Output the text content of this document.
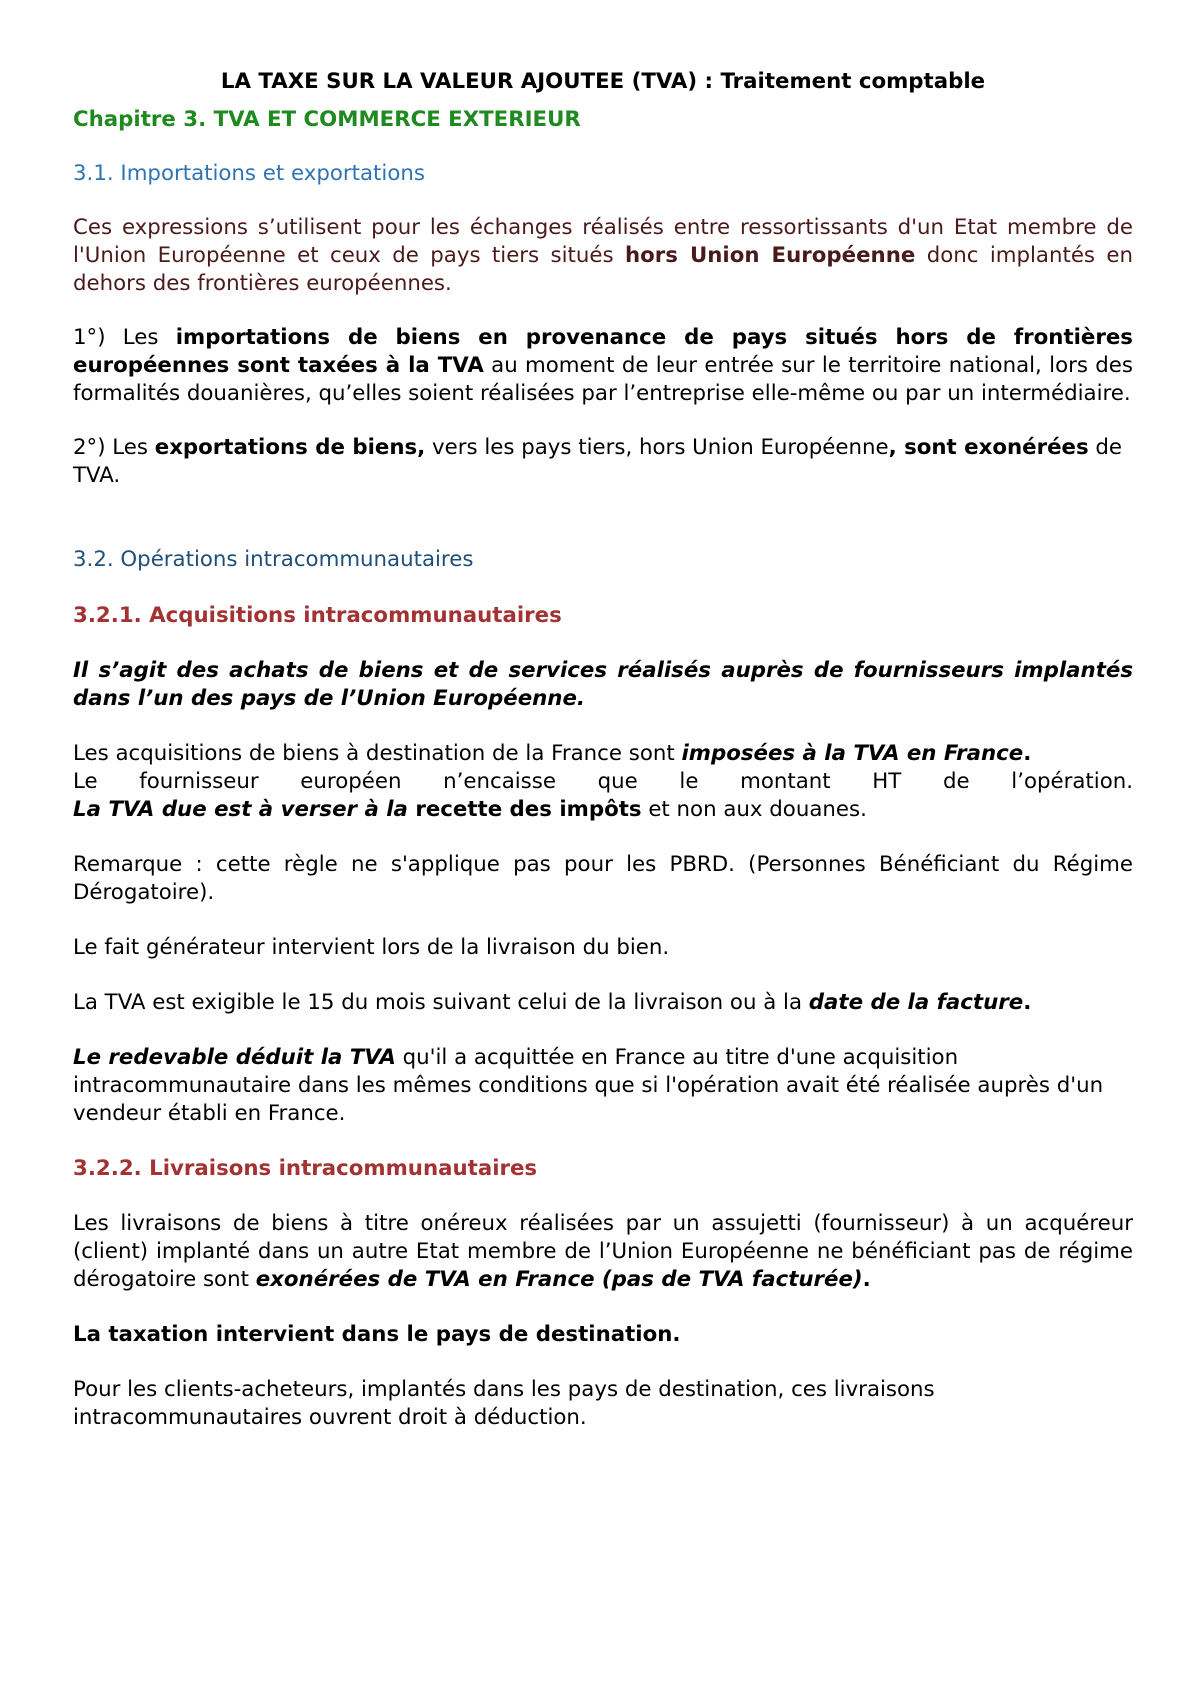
LA TAXE SUR LA VALEUR AJOUTEE (TVA) : Traitement comptable

Chapitre 3. TVA ET COMMERCE EXTERIEUR

3.1. Importations et exportations

Ces expressions s’utilisent pour les échanges réalisés entre ressortissants d'un Etat membre de l'Union Européenne et ceux de pays tiers situés hors Union Européenne donc implantés en dehors des frontières européennes.

1°) Les importations de biens en provenance de pays situés hors de frontières européennes sont taxées à la TVA au moment de leur entrée sur le territoire national, lors des formalités douanières, qu’elles soient réalisées par l’entreprise elle-même ou par un intermédiaire.

2°) Les exportations de biens, vers les pays tiers, hors Union Européenne, sont exonérées de TVA.

3.2. Opérations intracommunautaires

3.2.1. Acquisitions intracommunautaires

Il s’agit des achats de biens et de services réalisés auprès de fournisseurs implantés dans l’un des pays de l’Union Européenne.

Les acquisitions de biens à destination de la France sont imposées à la TVA en France.

Le fournisseur européen n’encaisse que le montant HT de l’opération.

La TVA due est à verser à la recette des impôts et non aux douanes.

Remarque : cette règle ne s'applique pas pour les PBRD. (Personnes Bénéficiant du Régime Dérogatoire).

Le fait générateur intervient lors de la livraison du bien.

La TVA est exigible le 15 du mois suivant celui de la livraison ou à la date de la facture.

Le redevable déduit la TVA qu'il a acquittée en France au titre d'une acquisition intracommunautaire dans les mêmes conditions que si l'opération avait été réalisée auprès d'un vendeur établi en France.

3.2.2. Livraisons intracommunautaires

Les livraisons de biens à titre onéreux réalisées par un assujetti (fournisseur) à un acquéreur (client) implanté dans un autre Etat membre de l’Union Européenne ne bénéficiant pas de régime dérogatoire sont exonérées de TVA en France (pas de TVA facturée).

La taxation intervient dans le pays de destination.

Pour les clients-acheteurs, implantés dans les pays de destination, ces livraisons intracommunautaires ouvrent droit à déduction.
